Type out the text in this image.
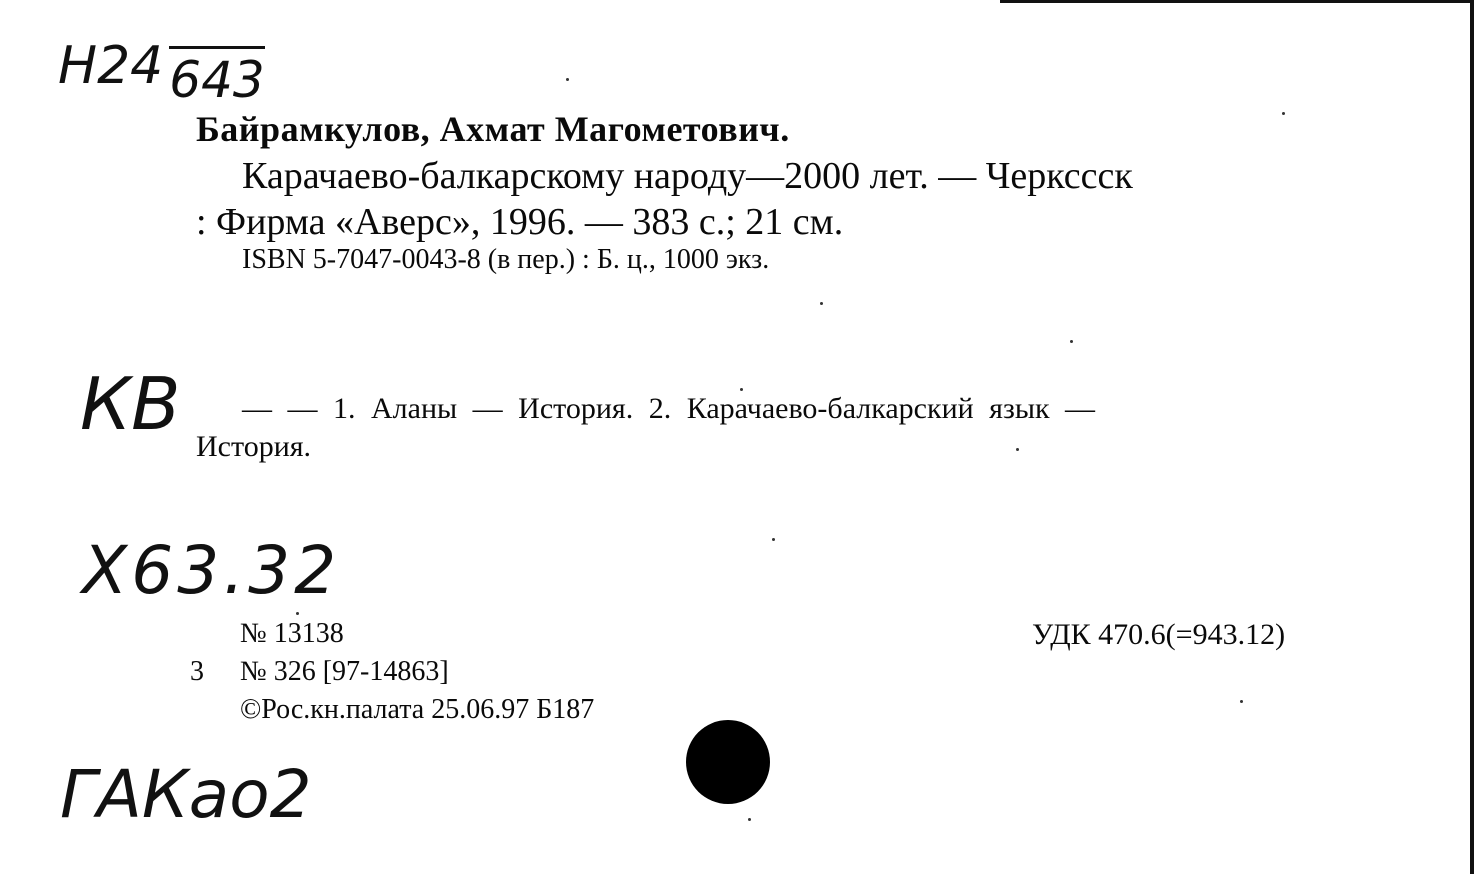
Н24 643
Байрамкулов, Ахмат Магометович.
Карачаево-балкарскому народу—2000 лет. — Черкссск
: Фирма «Аверс», 1996. — 383 с.; 21 см.
ISBN 5-7047-0043-8 (в пер.) : Б. ц., 1000 экз.
КВ — — 1. Аланы — История. 2. Карачаево-балкарский язык —
История.
Х63.32
№ 13138	УДК 470.6(=943.12)
3 № 326 [97-14863]
©Рос.кн.палата 25.06.97 Б187
ГАКао2
